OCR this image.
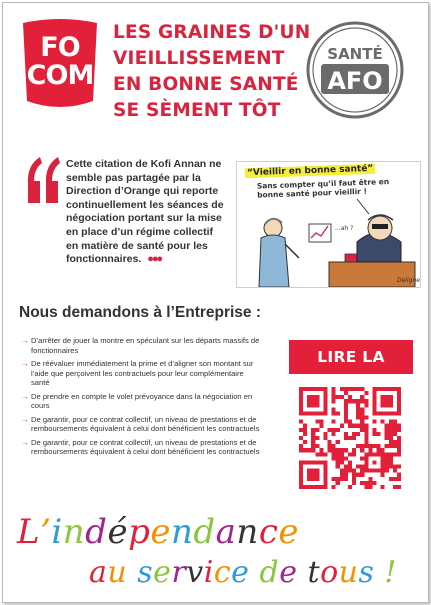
FO
COM
LES GRAINES D'UN
VIEILLISSEMENT
EN BONNE SANTÉ
SE SÈMENT TÔT
SANTÉ
AFO
Cette citation de Kofi Annan ne semble pas partagée par la Direction d’Orange qui reporte continuellement les séances de négociation portant sur la mise en place d’un régime collectif en matière de santé pour les fonctionnaires. ●●●
“Vieillir en bonne santé”
Sans compter qu’il faut être en bonne santé pour vieillir !
...ah ?
Deligne
Nous demandons à l’Entreprise :
→ D’arrêter de jouer la montre en spéculant sur les départs massifs de fonctionnaires
→ De réévaluer immédiatement la prime et d’aligner son montant sur l’aide que perçoivent les contractuels pour leur complémentaire santé
→ De prendre en compte le volet prévoyance dans la négociation en cours
→ De garantir, pour ce contrat collectif, un niveau de prestations et de remboursements équivalent à celui dont bénéficient les contractuels
→ De garantir, pour ce contrat collectif, un niveau de prestations et de remboursements équivalent à celui dont bénéficient les contractuels
LIRE LA
L’indépendance
au service de tous !
